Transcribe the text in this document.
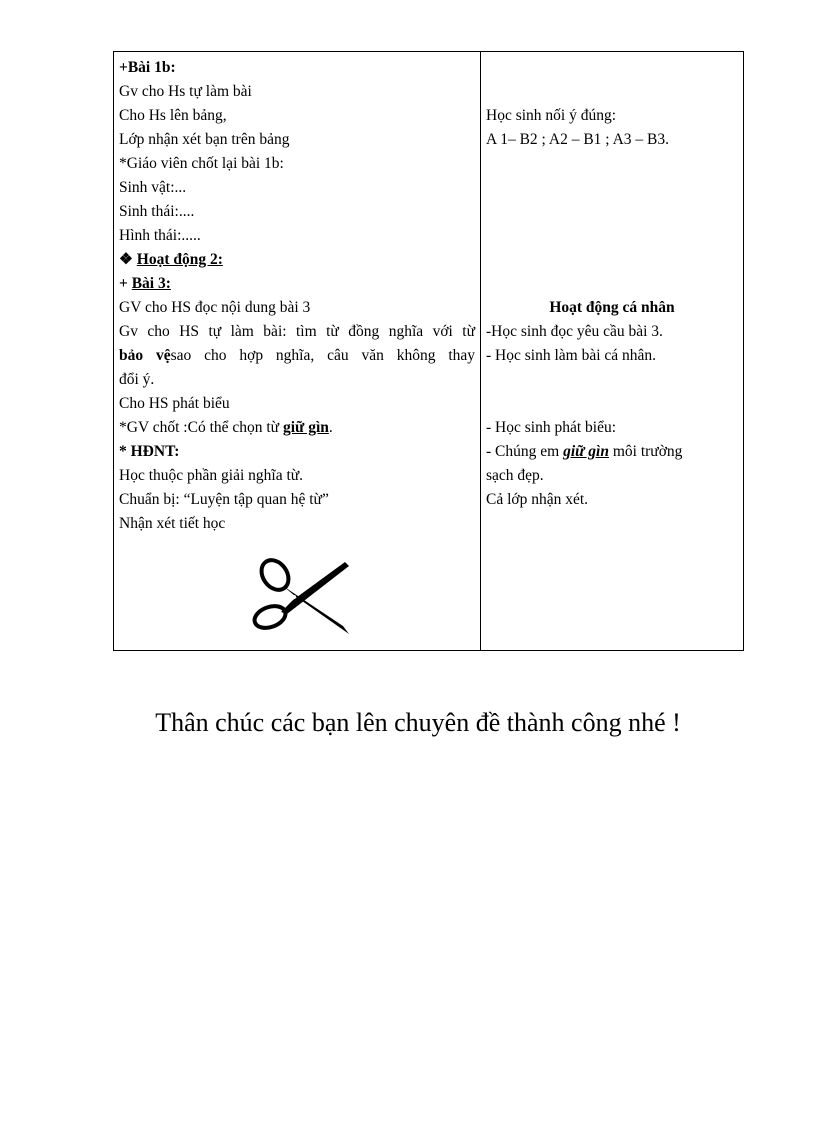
+Bài 1b:
Gv cho Hs tự làm bài
Cho Hs lên bảng,
Lớp nhận xét bạn trên bảng
*Giáo viên chốt lại bài 1b:
Sinh vật:...
Sinh thái:....
Hình thái:.....
❖ Hoạt động 2:
+ Bài 3:
GV cho HS đọc nội dung bài 3
Gv cho HS tự làm bài: tìm từ đồng nghĩa với từ
bảo vệsao cho hợp nghĩa, câu văn không thay
đổi ý.
Cho HS phát biểu
*GV chốt :Có thể chọn từ giữ gìn.
* HĐNT:
Học thuộc phần giải nghĩa từ.
Chuẩn bị: “Luyện tập quan hệ từ”
Nhận xét tiết học
Học sinh nối ý đúng:
A 1– B2 ; A2 – B1 ; A3 – B3.
Hoạt động cá nhân
-Học sinh đọc yêu cầu bài 3.
- Học sinh làm bài cá nhân.
- Học sinh phát biểu:
- Chúng em giữ gìn môi trường
sạch đẹp.
Cả lớp nhận xét.
Thân chúc các bạn lên chuyên đề thành công nhé !
